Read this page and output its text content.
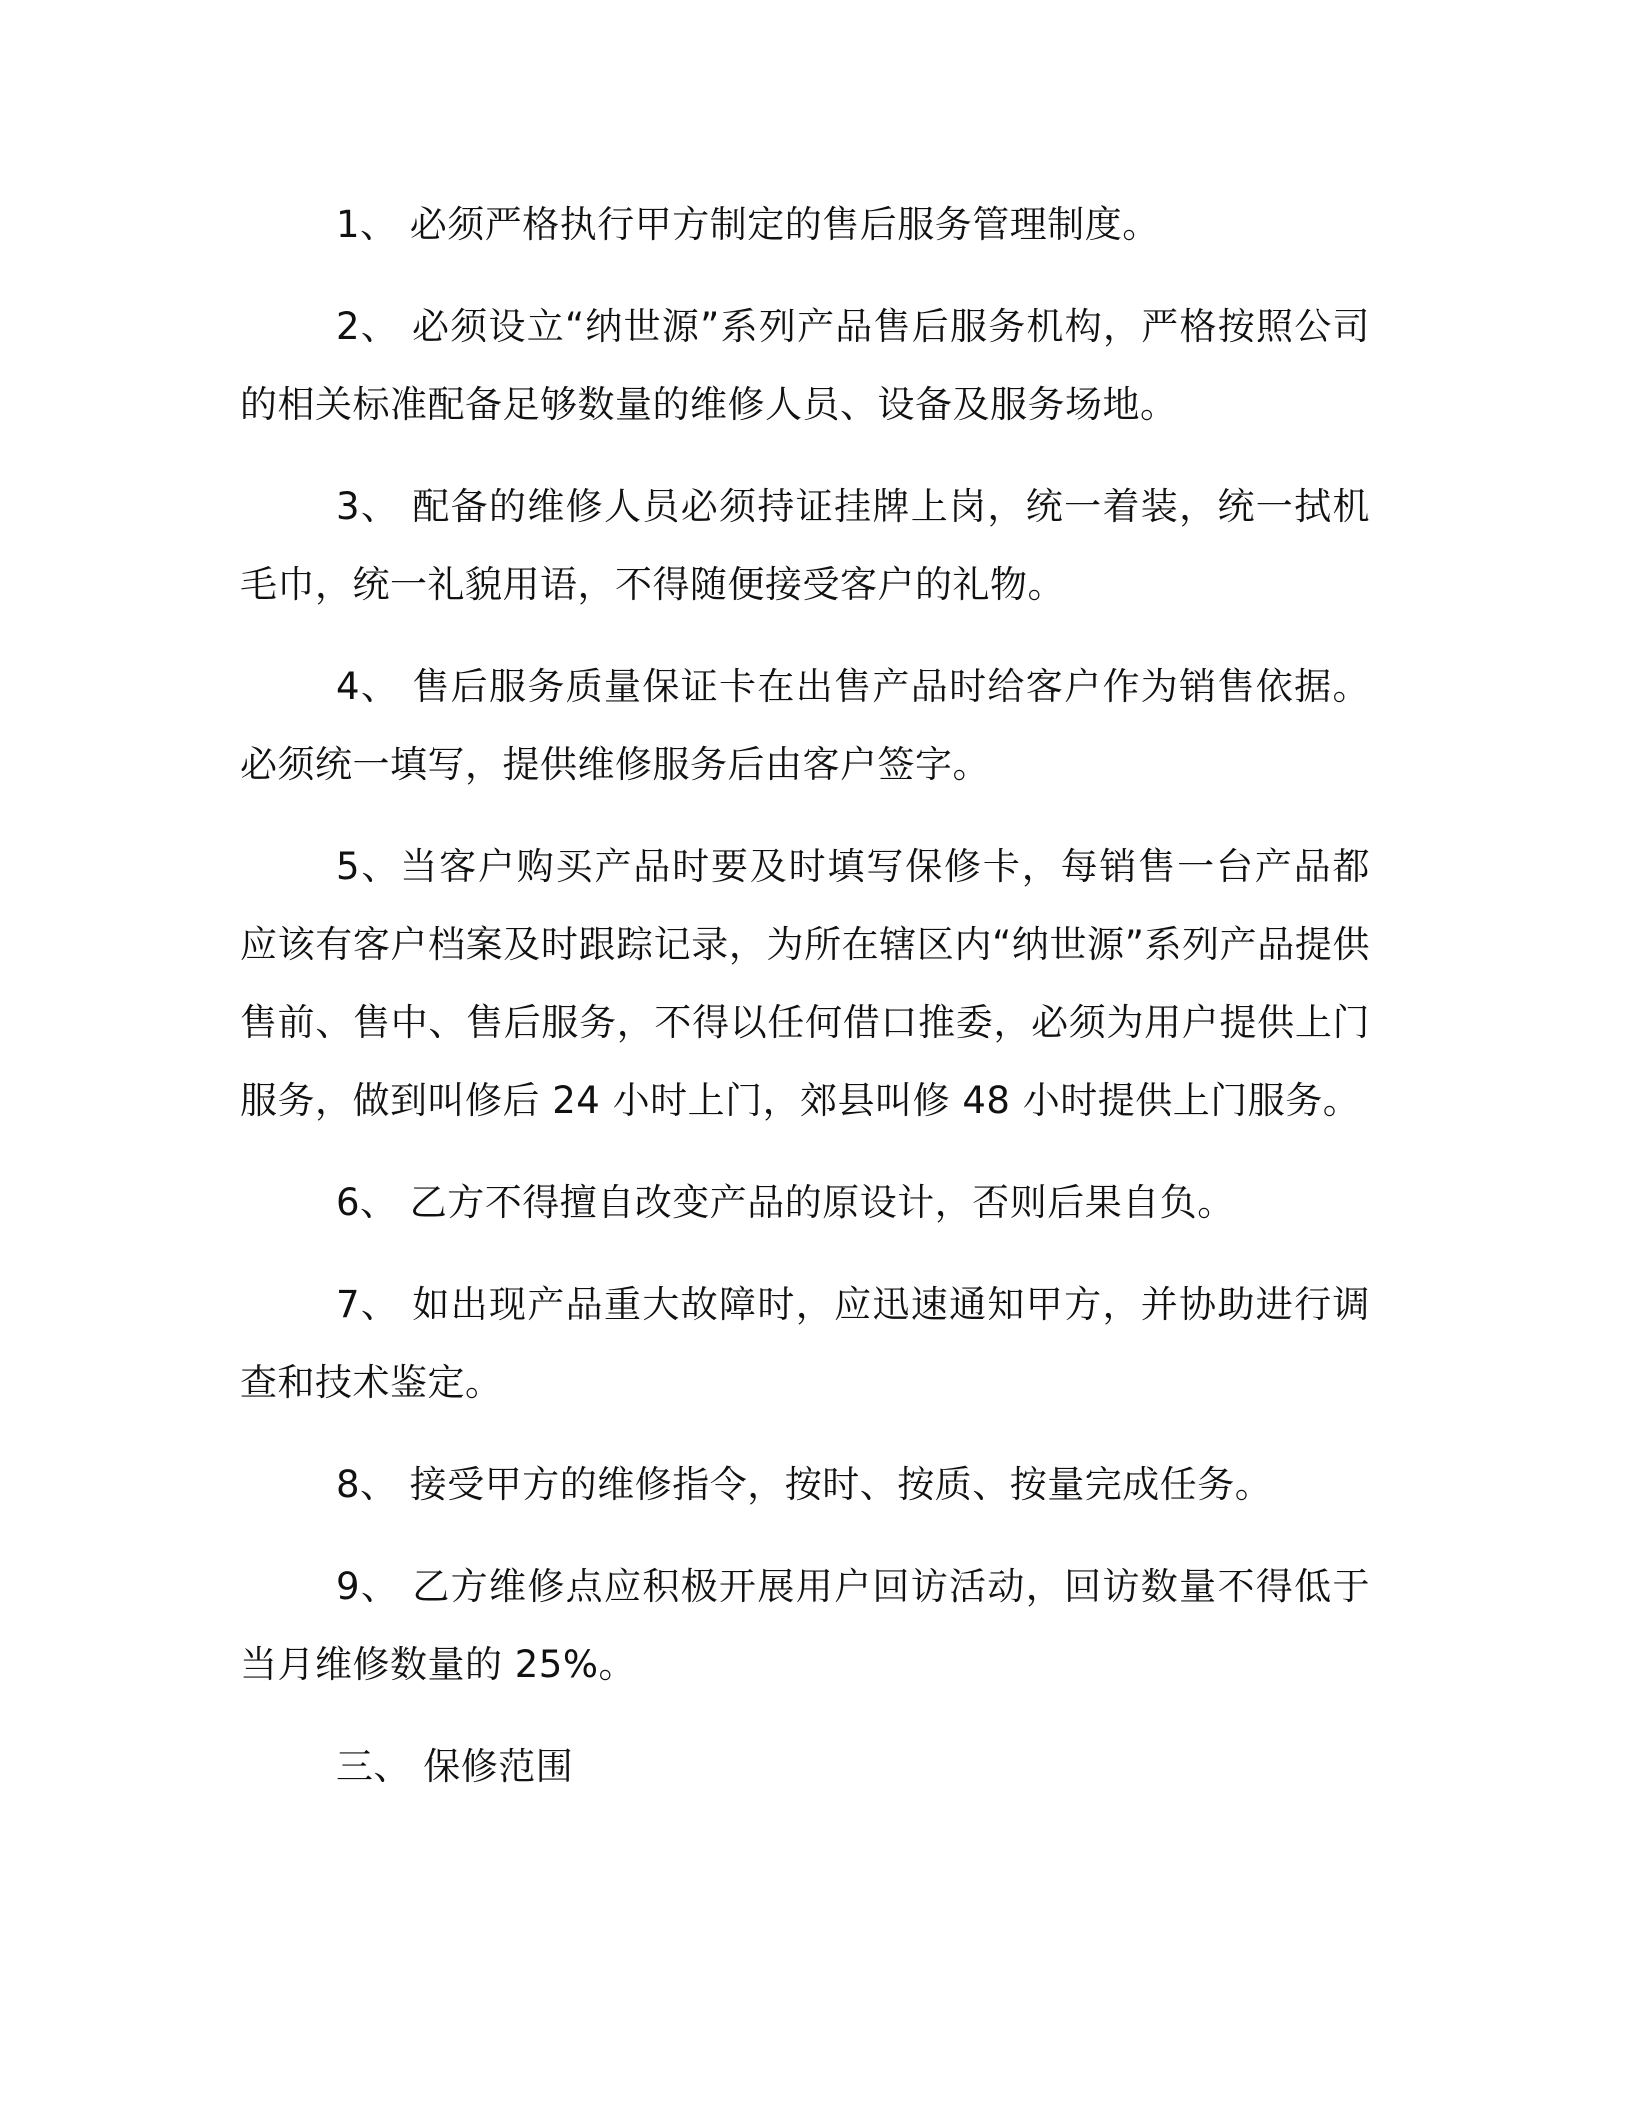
1、 必须严格执行甲方制定的售后服务管理制度。

2、 必须设立“纳世源”系列产品售后服务机构，严格按照公司的相关标准配备足够数量的维修人员、设备及服务场地。

3、 配备的维修人员必须持证挂牌上岗，统一着装，统一拭机毛巾，统一礼貌用语，不得随便接受客户的礼物。

4、 售后服务质量保证卡在出售产品时给客户作为销售依据。必须统一填写，提供维修服务后由客户签字。

5、当客户购买产品时要及时填写保修卡，每销售一台产品都应该有客户档案及时跟踪记录，为所在辖区内“纳世源”系列产品提供售前、售中、售后服务，不得以任何借口推委，必须为用户提供上门服务，做到叫修后 24 小时上门，郊县叫修 48 小时提供上门服务。

6、 乙方不得擅自改变产品的原设计，否则后果自负。

7、 如出现产品重大故障时，应迅速通知甲方，并协助进行调查和技术鉴定。

8、 接受甲方的维修指令，按时、按质、按量完成任务。

9、 乙方维修点应积极开展用户回访活动，回访数量不得低于当月维修数量的 25%。

三、 保修范围
